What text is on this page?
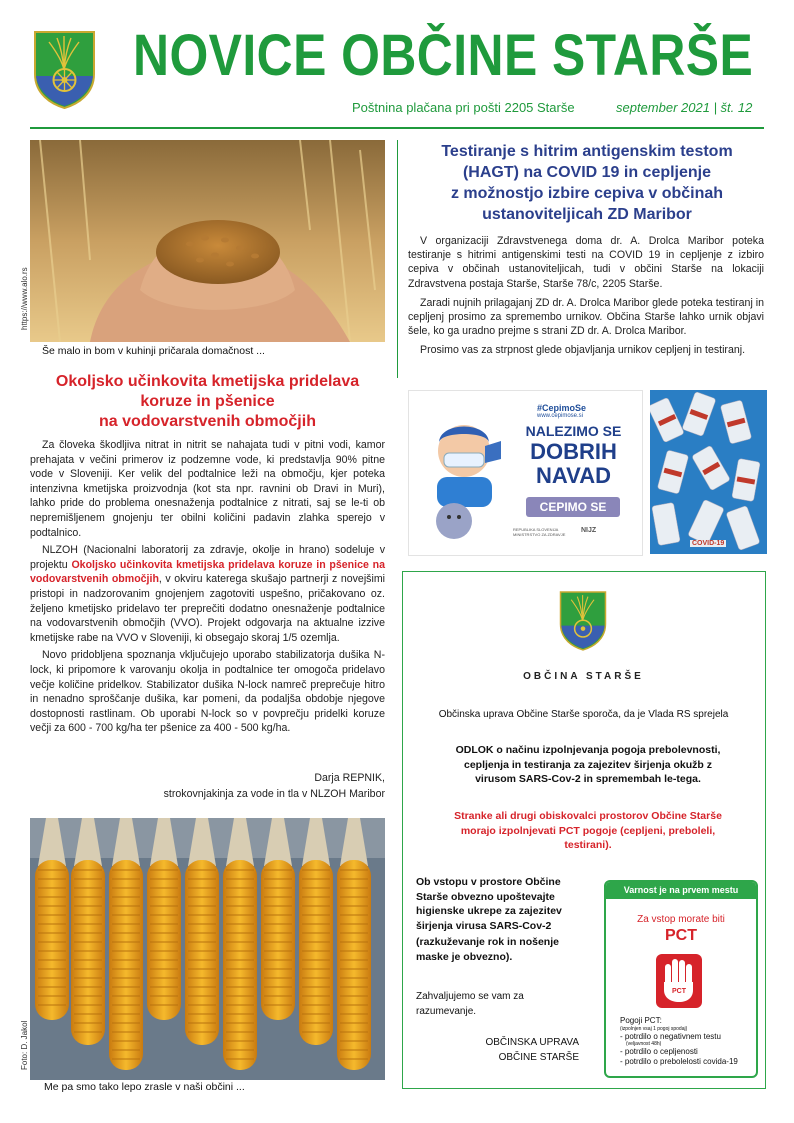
NOVICE OBČINE STARŠE
Poštnina plačana pri pošti 2205 Starše	september 2021 | št. 12
https://www.alo.rs
Še malo in bom v kuhinji pričarala domačnost ...
Okoljsko učinkovita kmetijska pridelava
koruze in pšenice
na vodovarstvenih območjih

Za človeka škodljiva nitrat in nitrit se nahajata tudi v pitni vodi, kamor prehajata v večini primerov iz podzemne vode, ki predstavlja 90% pitne vode v Sloveniji. Ker velik del podtalnice leži na območju, kjer poteka intenzivna kmetijska proizvodnja (kot sta npr. ravnini ob Dravi in Muri), lahko pride do problema onesnaženja podtalnice z nitrati, saj se le-ti ob nepremišljenem gnojenju ter obilni količini padavin zlahka sperejo v podtalnico.

NLZOH (Nacionalni laboratorij za zdravje, okolje in hrano) sodeluje v projektu Okoljsko učinkovita kmetijska pridelava koruze in pšenice na vodovarstvenih območjih, v okviru katerega skušajo partnerji z novejšimi pristopi in nadzorovanim gnojenjem zagotoviti uspešno, pričakovano oz. željeno kmetijsko pridelavo ter preprečiti dodatno onesnaženje podtalnice na vodovarstvenih območjih (VVO). Projekt odgovarja na aktualne izzive kmetijske rabe na VVO v Sloveniji, ki obsegajo skoraj 1/5 ozemlja.

Novo pridobljena spoznanja vključujejo uporabo stabilizatorja dušika N-lock, ki pripomore k varovanju okolja in podtalnice ter omogoča pridelavo večje količine pridelkov. Stabilizator dušika N-lock namreč preprečuje hitro in nenadno sproščanje dušika, kar pomeni, da podaljša obdobje njegove dostopnosti rastlinam. Ob uporabi N-lock so v povprečju pridelki koruze večji za 600 - 700 kg/ha ter pšenice za 400 - 500 kg/ha.

Darja REPNIK,
strokovnjakinja za vode in tla v NLZOH Maribor
Foto: D. Jakol
Me pa smo tako lepo zrasle v naši občini ...
Testiranje s hitrim antigenskim testom
(HAGT) na COVID 19 in cepljenje
z možnostjo izbire cepiva v občinah
ustanoviteljicah ZD Maribor

V organizaciji Zdravstvenega doma dr. A. Drolca Maribor poteka testiranje s hitrimi antigenskimi testi na COVID 19 in cepljenje z izbiro cepiva v občinah ustanoviteljicah, tudi v občini Starše na lokaciji Zdravstvena postaja Starše, Starše 78/c, 2205 Starše.

Zaradi nujnih prilagajanj ZD dr. A. Drolca Maribor glede poteka testiranj in cepljenj prosimo za spremembo urnikov. Občina Starše lahko urnik objavi šele, ko ga uradno prejme s strani ZD dr. A. Drolca Maribor.

Prosimo vas za strpnost glede objavljanja urnikov cepljenj in testiranj.

#CepimoSe
www.cepimose.si
NALEZIMO SE
DOBRIH
NAVAD
CEPIMO SE
REPUBLIKA SLOVENIJA MINISTRSTVO ZA ZDRAVJE
NIJZ
COVID-19
OBČINA STARŠE
Občinska uprava Občine Starše sporoča, da je Vlada RS sprejela
ODLOK o načinu izpolnjevanja pogoja prebolevnosti, cepljenja in testiranja za zajezitev širjenja okužb z virusom SARS-Cov-2 in spremembah le-tega.
Stranke ali drugi obiskovalci prostorov Občine Starše morajo izpolnjevati PCT pogoje (cepljeni, preboleli, testirani).
Ob vstopu v prostore Občine Starše obvezno upoštevajte higienske ukrepe za zajezitev širjenja virusa SARS-Cov-2
(razkuževanje rok in nošenje maske je obvezno).
Zahvaljujemo se vam za razumevanje.
OBČINSKA UPRAVA
OBČINE STARŠE
Varnost je na prvem mestu
Za vstop morate biti
PCT
PCT
Pogoji PCT:
(izpolnjen vsaj 1 pogoj spodaj)
- potrdilo o negativnem testu
(veljavnost 48h)
- potrdilo o cepljenosti
- potrdilo o prebolelosti covida-19
